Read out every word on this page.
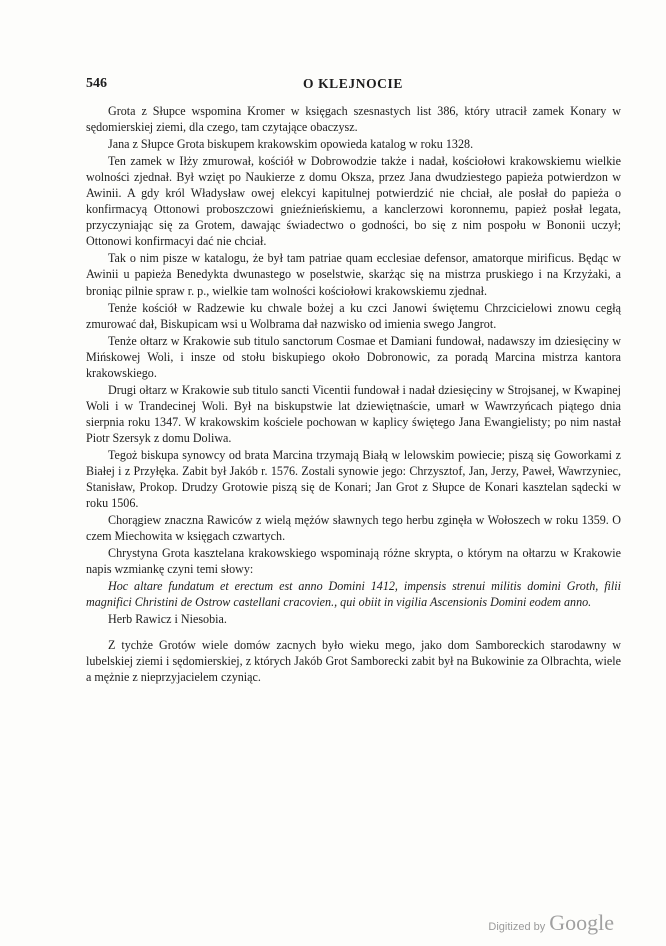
546	O KLEJNOCIE

Grota z Słupce wspomina Kromer w księgach szesnastych list 386, który utracił zamek Konary w sędomierskiej ziemi, dla czego, tam czytające obaczysz.

Jana z Słupce Grota biskupem krakowskim opowieda katalog w roku 1328.

Ten zamek w Iłży zmurował, kościół w Dobrowodzie także i nadał, kościołowi krakowskiemu wielkie wolności zjednał. Był wzięt po Naukierze z domu Oksza, przez Jana dwudziestego papieża potwierdzon w Awinii. A gdy król Władysław owej elekcyi kapitulnej potwierdzić nie chciał, ale posłał do papieża o konfirmacyą Ottonowi proboszczowi gnieźnieńskiemu, a kanclerzowi koronnemu, papież posłał legata, przyczyniając się za Grotem, dawając świadectwo o godności, bo się z nim pospołu w Bononii uczył; Ottonowi konfirmacyi dać nie chciał.

Tak o nim pisze w katalogu, że był tam patriae quam ecclesiae defensor, amatorque mirificus. Będąc w Awinii u papieża Benedykta dwunastego w poselstwie, skarżąc się na mistrza pruskiego i na Krzyżaki, a broniąc pilnie spraw r. p., wielkie tam wolności kościołowi krakowskiemu zjednał.

Tenże kościół w Radzewie ku chwale bożej a ku czci Janowi świętemu Chrzcicielowi znowu cegłą zmurować dał, Biskupicam wsi u Wolbrama dał nazwisko od imienia swego Jangrot.

Tenże ołtarz w Krakowie sub titulo sanctorum Cosmae et Damiani fundował, nadawszy im dziesięciny w Mińskowej Woli, i insze od stołu biskupiego około Dobronowic, za poradą Marcina mistrza kantora krakowskiego.

Drugi ołtarz w Krakowie sub titulo sancti Vicentii fundował i nadał dziesięciny w Strojsanej, w Kwapinej Woli i w Trandecinej Woli. Był na biskupstwie lat dziewiętnaście, umarł w Wawrzyńcach piątego dnia sierpnia roku 1347. W krakowskim kościele pochowan w kaplicy świętego Jana Ewangielisty; po nim nastał Piotr Szersyk z domu Doliwa.

Tegoż biskupa synowcy od brata Marcina trzymają Białą w lelowskim powiecie; piszą się Goworkami z Białej i z Przyłęka. Zabit był Jakób r. 1576. Zostali synowie jego: Chrzysztof, Jan, Jerzy, Paweł, Wawrzyniec, Stanisław, Prokop. Drudzy Grotowie piszą się de Konari; Jan Grot z Słupce de Konari kasztelan sądecki w roku 1506.

Chorągiew znaczna Rawiców z wielą mężów sławnych tego herbu zginęła w Wołoszech w roku 1359. O czem Miechowita w księgach czwartych.

Chrystyna Grota kasztelana krakowskiego wspominają różne skrypta, o którym na ołtarzu w Krakowie napis wzmiankę czyni temi słowy:

Hoc altare fundatum et erectum est anno Domini 1412, impensis strenui militis domini Groth, filii magnifici Christini de Ostrow castellani cracovien., qui obiit in vigilia Ascensionis Domini eodem anno.

Herb Rawicz i Niesobia.

Z tychże Grotów wiele domów zacnych było wieku mego, jako dom Samboreckich starodawny w lubelskiej ziemi i sędomierskiej, z których Jakób Grot Samborecki zabit był na Bukowinie za Olbrachta, wiele a mężnie z nieprzyjacielem czyniąc.

Digitized by Google
